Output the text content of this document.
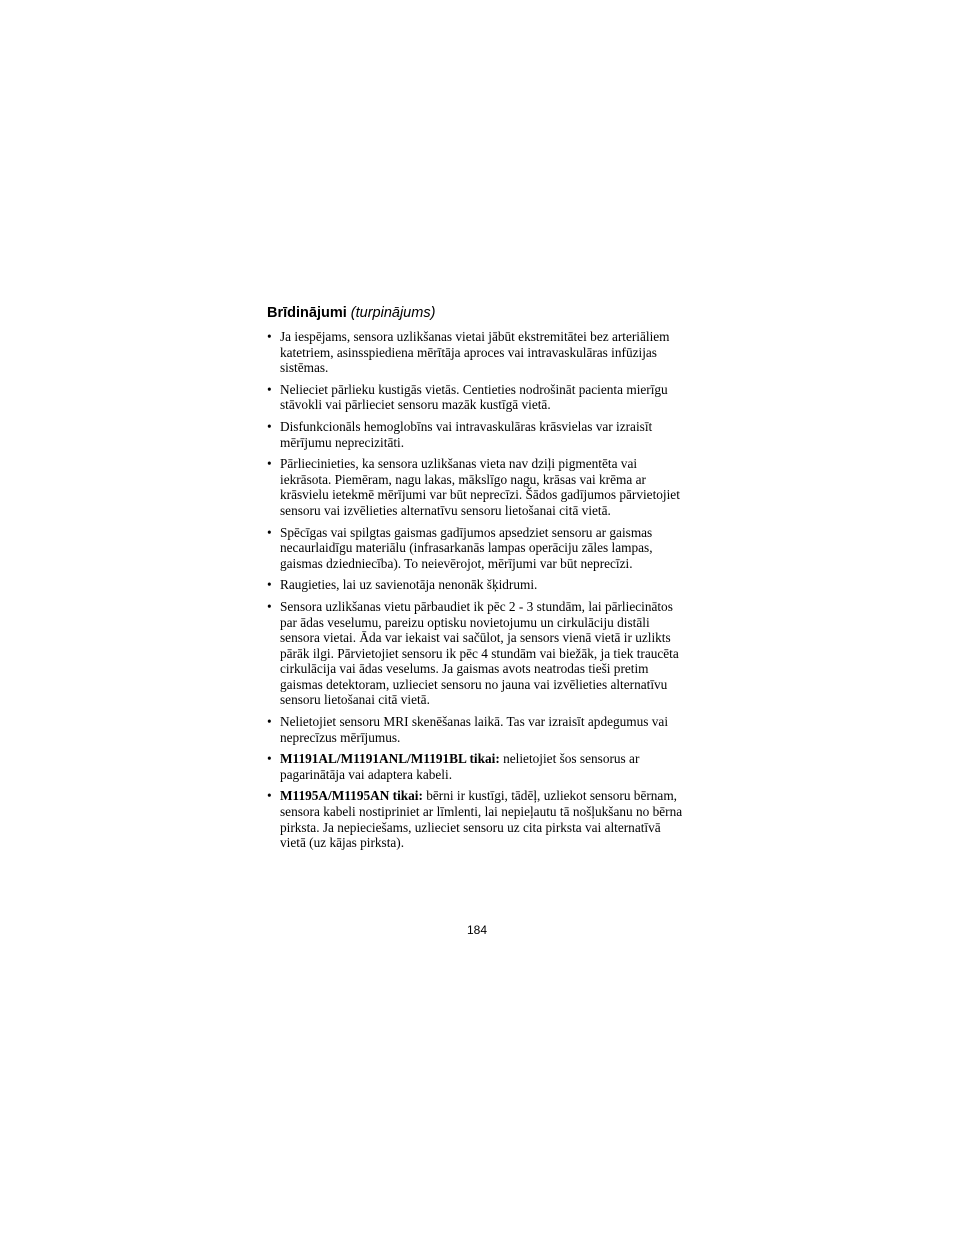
Brīdinājumi (turpinājums)
• Ja iespējams, sensora uzlikšanas vietai jābūt ekstremitātei bez arteriāliem katetriem, asinsspiediena mērītāja aproces vai intravaskulāras infūzijas sistēmas.
• Nelieciet pārlieku kustigās vietās. Centieties nodrošināt pacienta mierīgu stāvokli vai pārlieciet sensoru mazāk kustīgā vietā.
• Disfunkcionāls hemoglobīns vai intravaskulāras krāsvielas var izraisīt mērījumu neprecizitāti.
• Pārliecinieties, ka sensora uzlikšanas vieta nav dziļi pigmentēta vai iekrāsota. Piemēram, nagu lakas, mākslīgo nagu, krāsas vai krēma ar krāsvielu ietekmē mērījumi var būt neprecīzi. Šādos gadījumos pārvietojiet sensoru vai izvēlieties alternatīvu sensoru lietošanai citā vietā.
• Spēcīgas vai spilgtas gaismas gadījumos apsedziet sensoru ar gaismas necaurlaidīgu materiālu (infrasarkanās lampas operāciju zāles lampas, gaismas dziedniecība). To neievērojot, mērījumi var būt neprecīzi.
• Raugieties, lai uz savienotāja nenonāk šķidrumi.
• Sensora uzlikšanas vietu pārbaudiet ik pēc 2 - 3 stundām, lai pārliecinātos par ādas veselumu, pareizu optisku novietojumu un cirkulāciju distāli sensora vietai. Āda var iekaist vai sačūlot, ja sensors vienā vietā ir uzlikts pārāk ilgi. Pārvietojiet sensoru ik pēc 4 stundām vai biežāk, ja tiek traucēta cirkulācija vai ādas veselums. Ja gaismas avots neatrodas tieši pretim gaismas detektoram, uzlieciet sensoru no jauna vai izvēlieties alternatīvu sensoru lietošanai citā vietā.
• Nelietojiet sensoru MRI skenēšanas laikā. Tas var izraisīt apdegumus vai neprecīzus mērījumus.
• M1191AL/M1191ANL/M1191BL tikai: nelietojiet šos sensorus ar pagarinātāja vai adaptera kabeli.
• M1195A/M1195AN tikai: bērni ir kustīgi, tādēļ, uzliekot sensoru bērnam, sensora kabeli nostipriniet ar līmlenti, lai nepieļautu tā nošļukšanu no bērna pirksta. Ja nepieciešams, uzlieciet sensoru uz cita pirksta vai alternatīvā vietā (uz kājas pirksta).
184
